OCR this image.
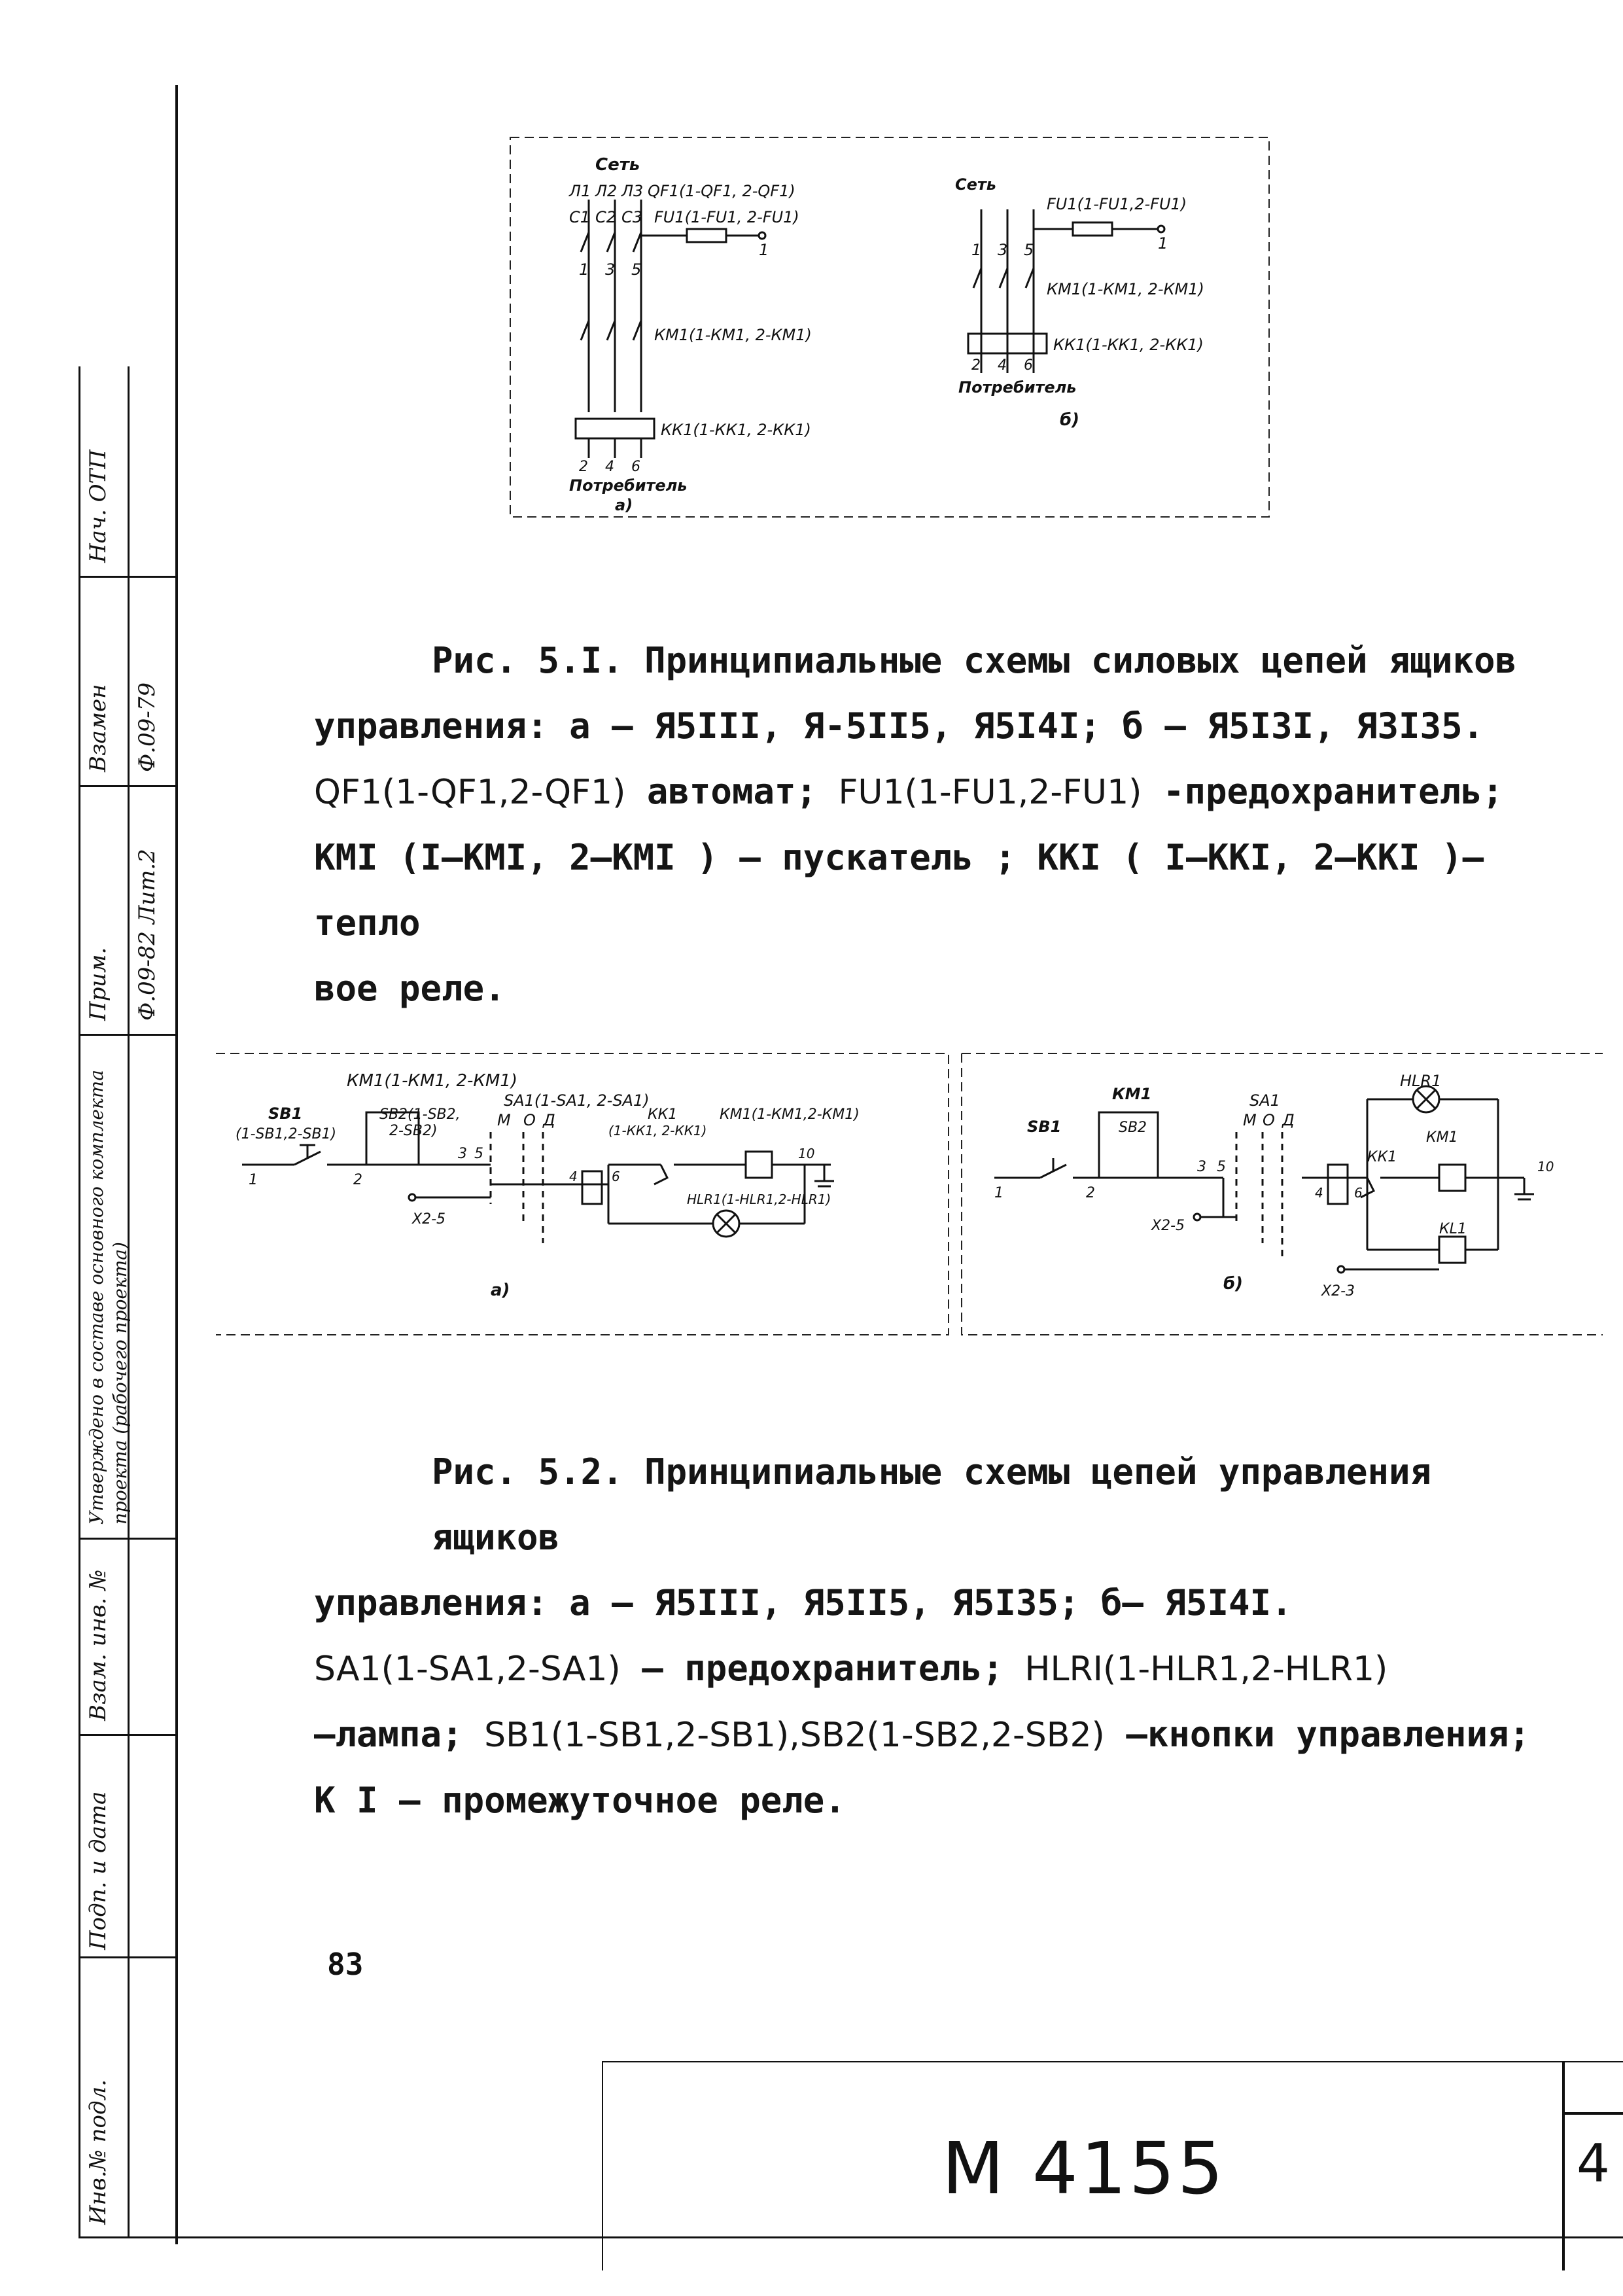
Нач. ОТП
Взамен Ф.09-79
Прим. Ф.09-82 Лит.2
Утверждено в составе основного комплекта проекта (рабочего проекта)
Взам. инв. №
Подп. и дата
Инв.№ подл.
Сеть
Л1 Л2 Л3 QF1(1-QF1, 2-QF1)
С1 С2 С3 FU1(1-FU1, 2-FU1)
1
1 3 5
КМ1(1-КМ1, 2-КМ1)
КК1(1-КК1, 2-КК1)
2 4 6
Потребитель
а)
Сеть
FU1(1-FU1,2-FU1)
1
1 3 5
КМ1(1-КМ1, 2-КМ1)
КК1(1-КК1, 2-КК1)
2 4 6
Потребитель
б)

Рис. 5.I. Принципиальные схемы силовых цепей ящиков

управления: а – Я5III, Я-5II5, Я5I4I; б – Я5I3I, Я3I35.

QF1(1-QF1,2-QF1) автомат; FU1(1-FU1,2-FU1) -предохранитель;

КМI (I–КМI, 2–КМI ) – пускатель ; ККI ( I–ККI, 2–ККI )– тепло

вое реле.

КМ1(1-КМ1, 2-КМ1)
SB1
(1-SB1,2-SB1)
SB2(1-SB2,
2-SB2)
SA1(1-SA1, 2-SA1)
М О Д	КК1
(1-КК1, 2-КК1)
КМ1(1-КМ1,2-КМ1)
1	2
3 5
4	6
10
Х2-5
HLR1(1-HLR1,2-HLR1)
а)
КМ1	SA1
HLR1
SB1	SB2	М О Д
КК1
КМ1
1	2
3 5
4 6
10
Х2-5	КL1
Х2-3
б)

Рис. 5.2. Принципиальные схемы цепей управления ящиков

управления: а – Я5III, Я5II5, Я5I35; б– Я5I4I.

SA1(1-SA1,2-SA1) – предохранитель; HLRI(1-HLR1,2-HLR1)

–лампа; SB1(1-SB1,2-SB1),SB2(1-SB2,2-SB2) –кнопки управления;

К I – промежуточное реле.

83
М 4155	4
